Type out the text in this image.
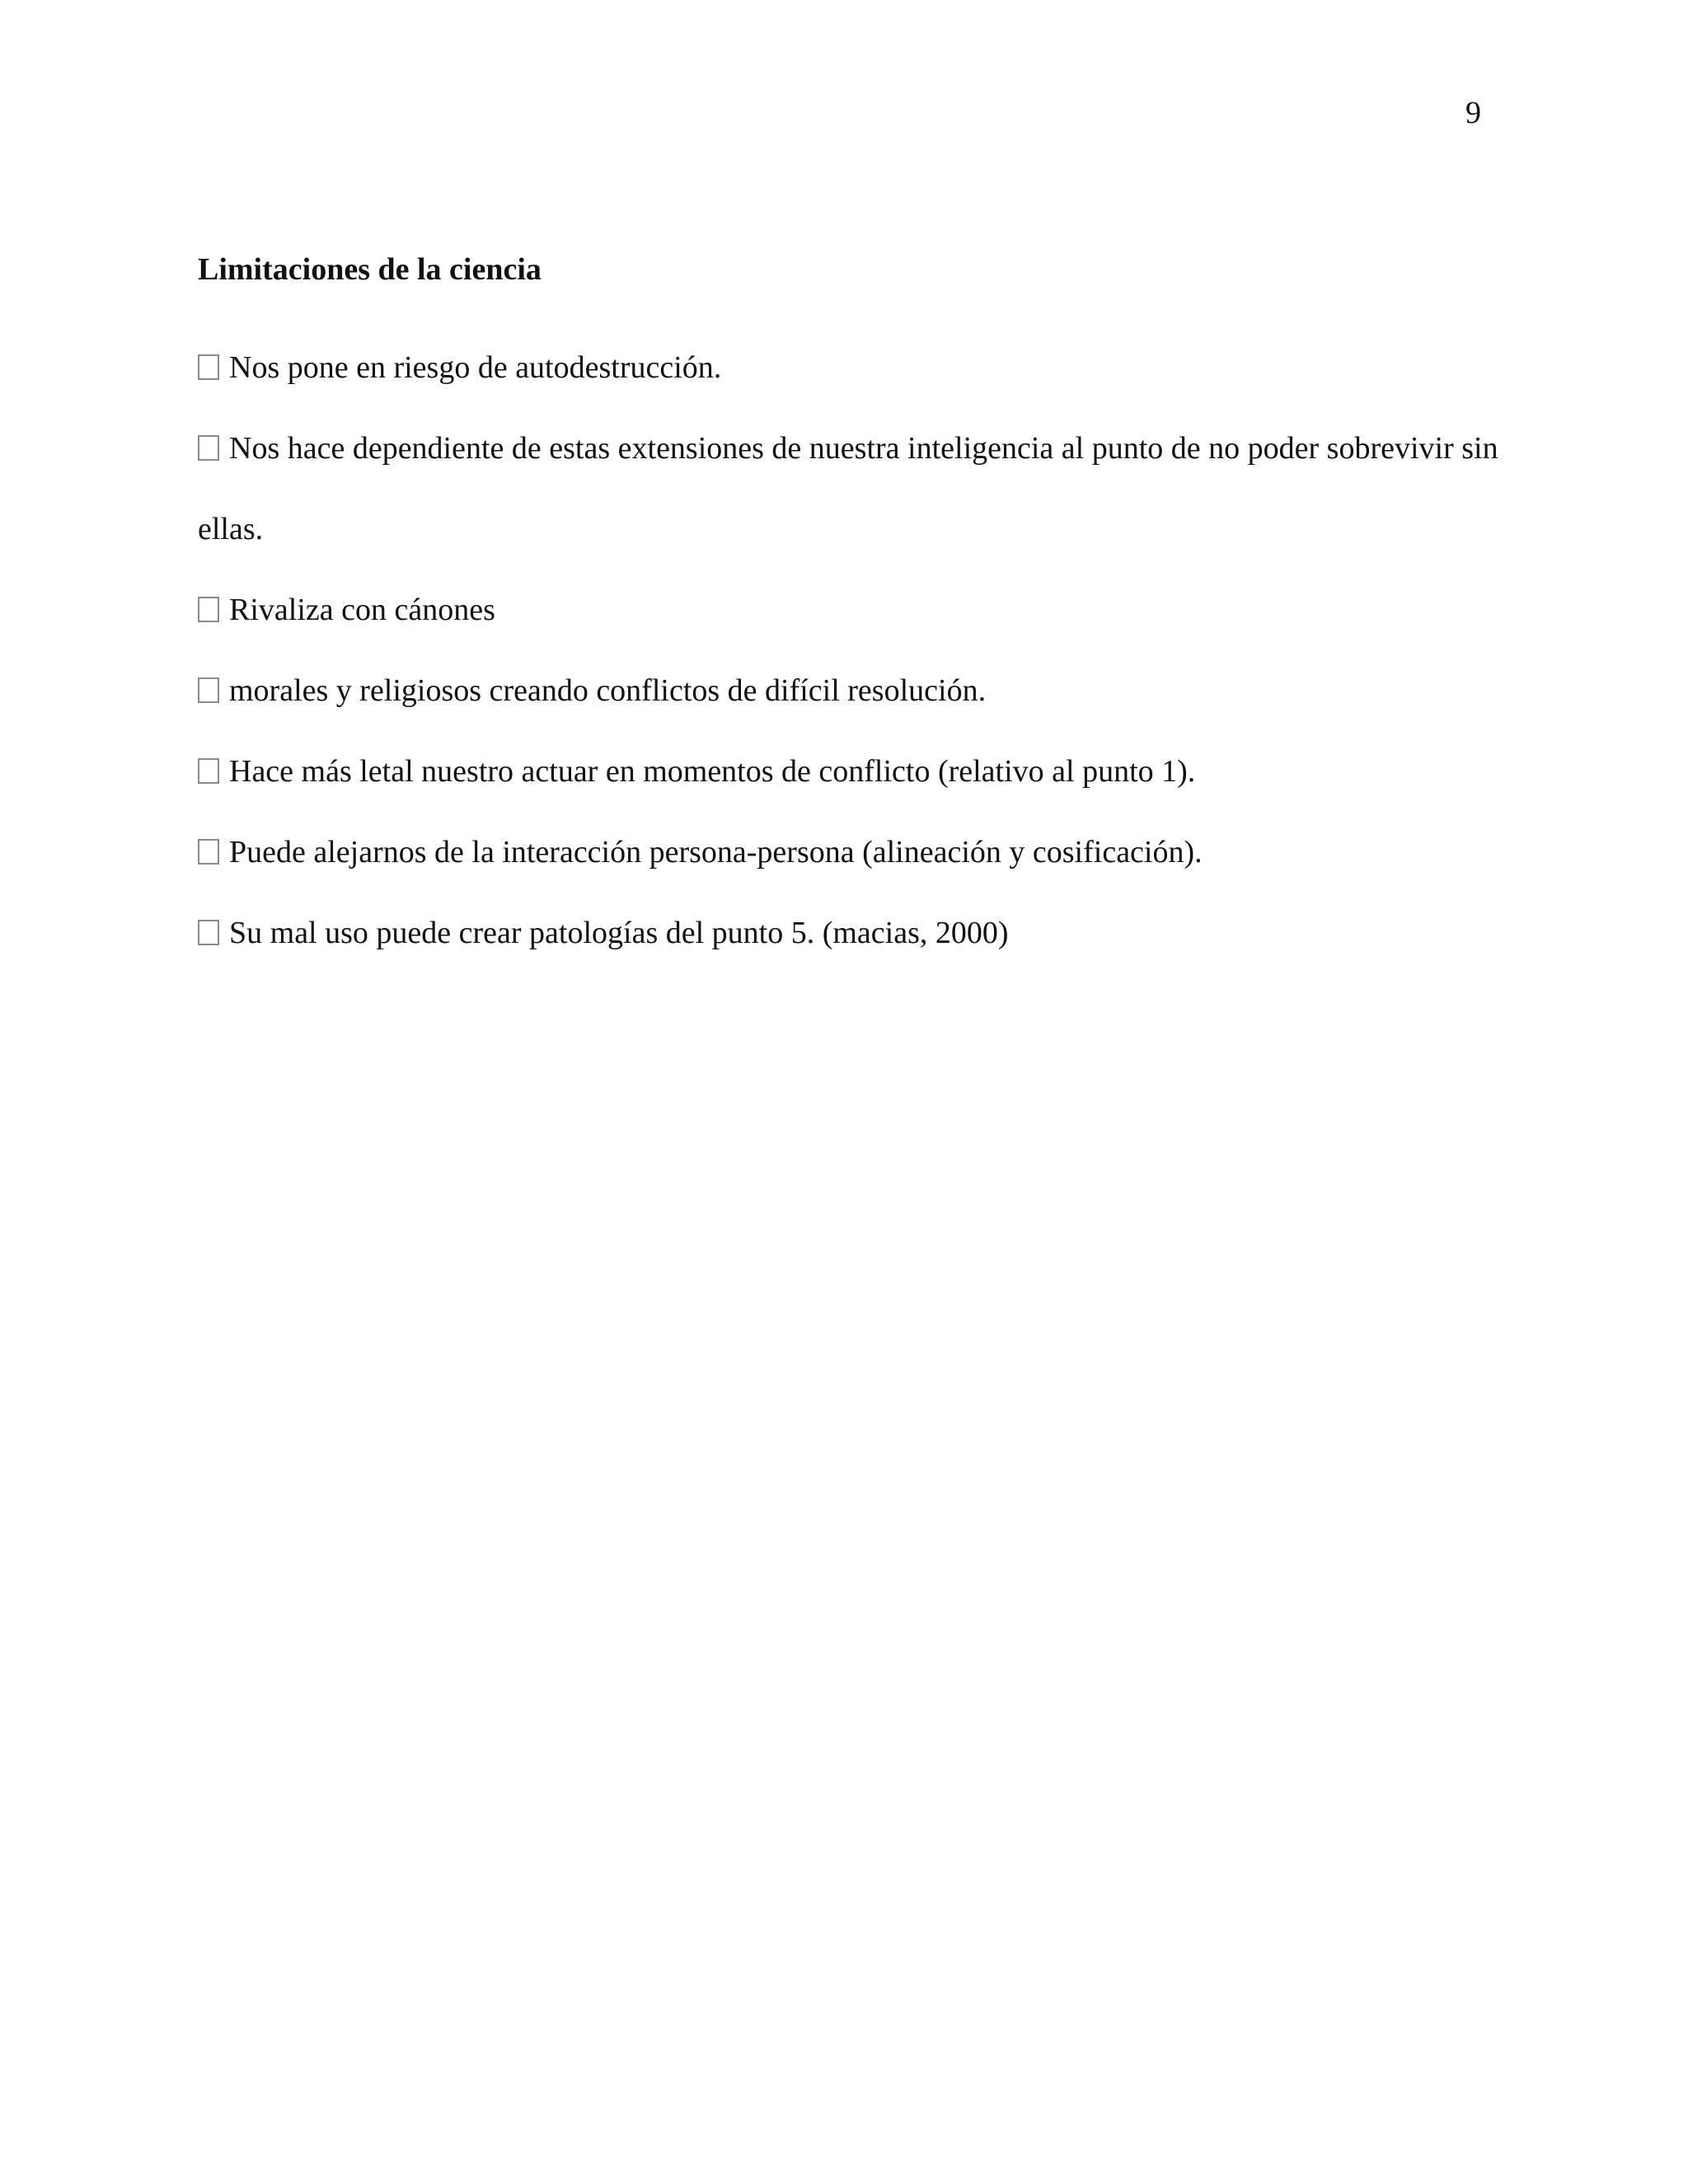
9
Limitaciones de la ciencia
Nos pone en riesgo de autodestrucción.
Nos hace dependiente de estas extensiones de nuestra inteligencia al punto de no poder sobrevivir sin ellas.
Rivaliza con cánones
morales y religiosos creando conflictos de difícil resolución.
Hace más letal nuestro actuar en momentos de conflicto (relativo al punto 1).
Puede alejarnos de la interacción persona-persona (alineación y cosificación).
Su mal uso puede crear patologías del punto 5. (macias, 2000)
